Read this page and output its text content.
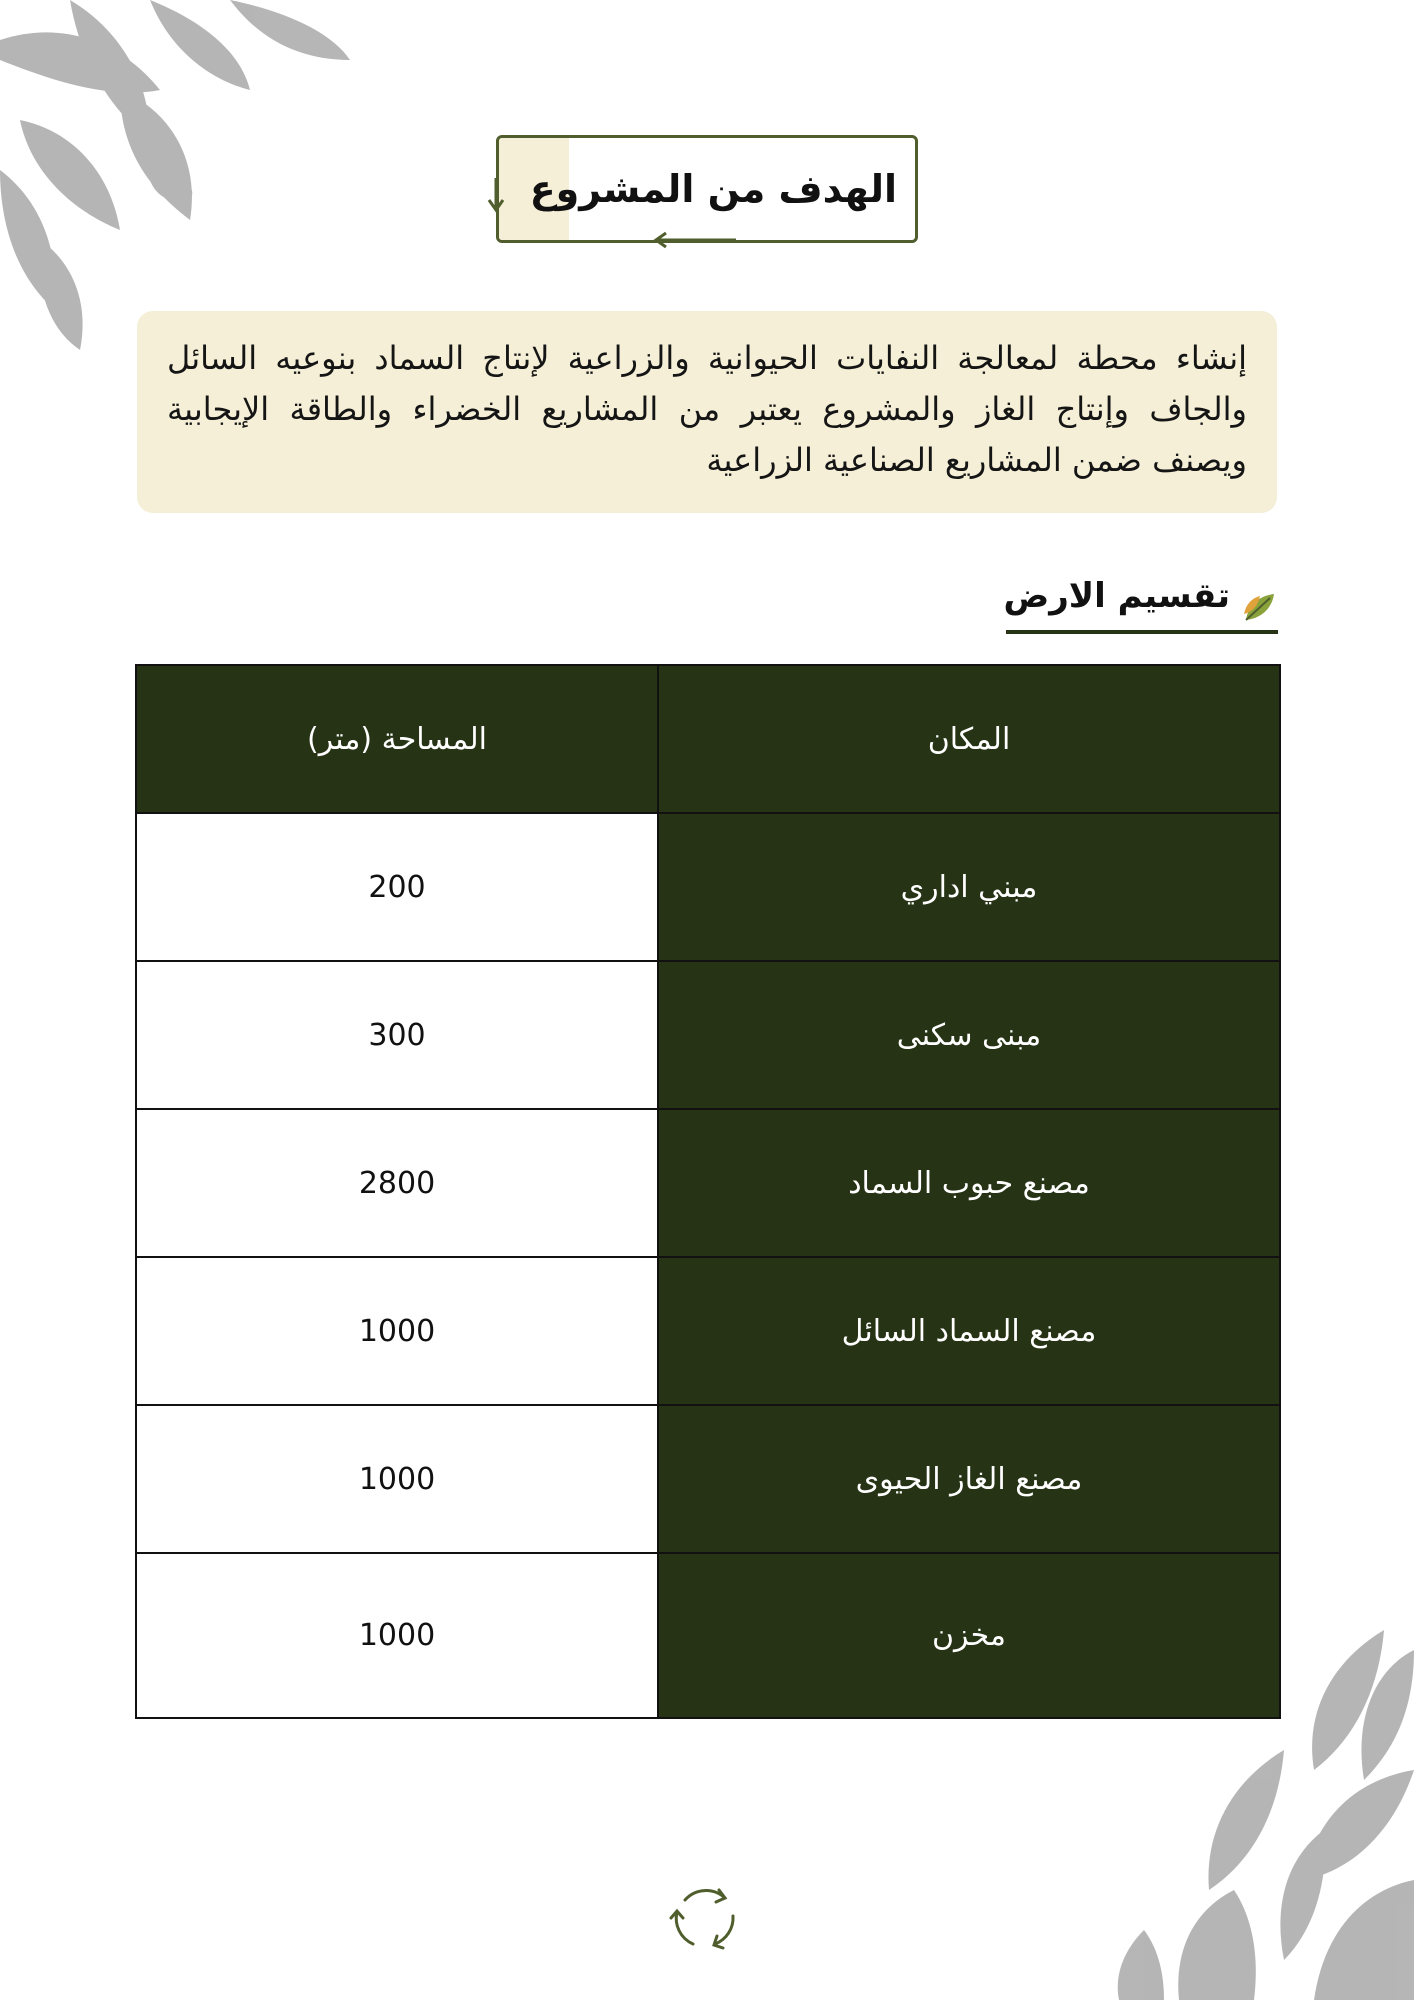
الهدف من المشروع

إنشاء محطة لمعالجة النفايات الحيوانية والزراعية لإنتاج السماد بنوعيه السائل والجاف وإنتاج الغاز والمشروع يعتبر من المشاريع الخضراء والطاقة الإيجابية ويصنف ضمن المشاريع الصناعية الزراعية

تقسيم الارض
المكان	المساحة (متر)
مبني اداري	200
مبنى سكنى	300
مصنع حبوب السماد	2800
مصنع السماد السائل	1000
مصنع الغاز الحيوى	1000
مخزن	1000
